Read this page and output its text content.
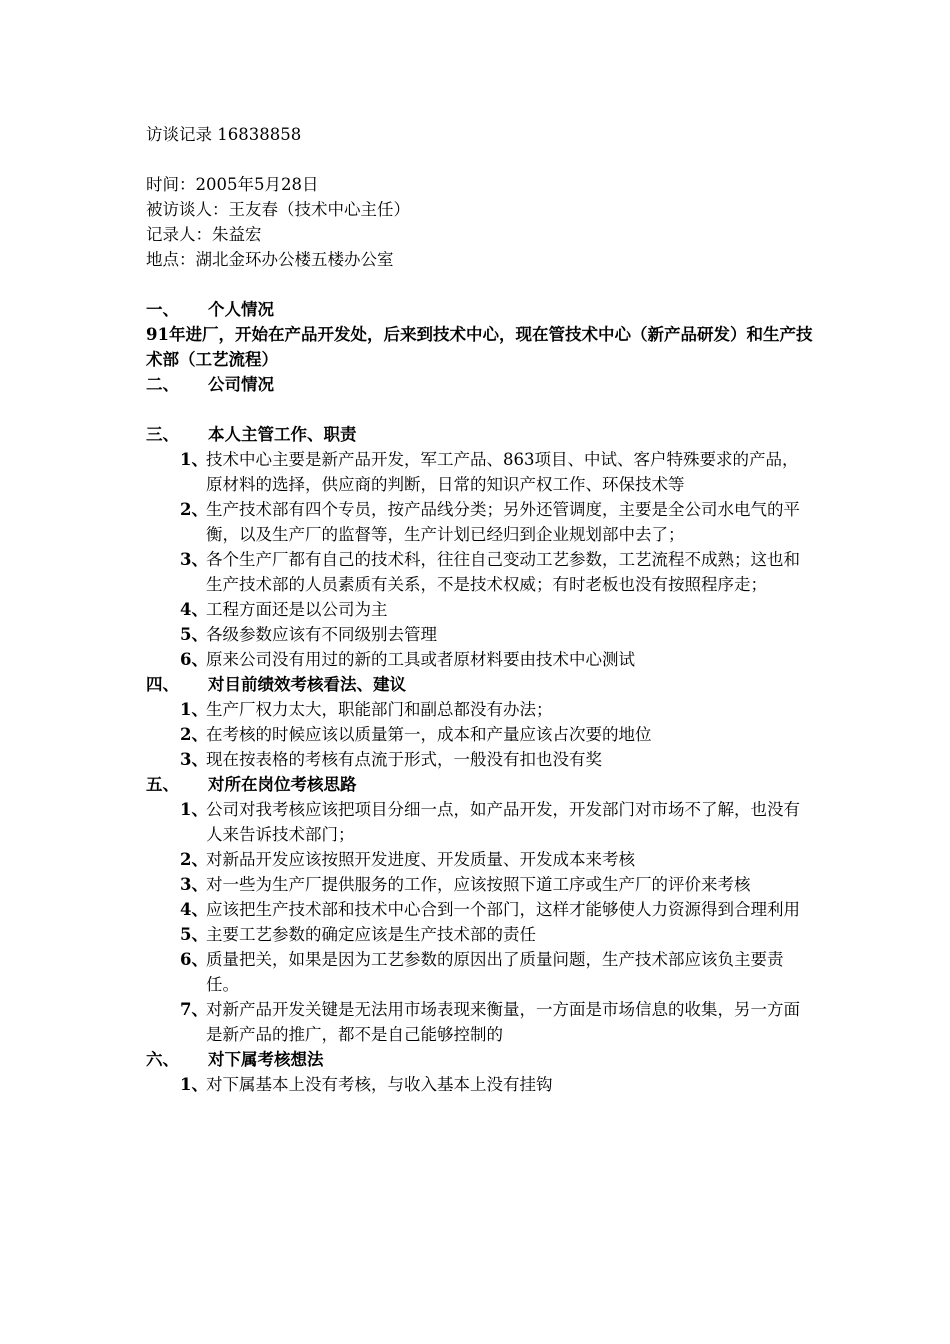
访谈记录 16838858
时间：2005年5月28日
被访谈人：王友春（技术中心主任）
记录人：朱益宏
地点：湖北金环办公楼五楼办公室
一、	个人情况
91年进厂，开始在产品开发处，后来到技术中心，现在管技术中心（新产品研发）和生产技术部（工艺流程）
二、	公司情况
三、	本人主管工作、职责
1、
技术中心主要是新产品开发，军工产品、863项目、中试、客户特殊要求的产品，原材料的选择，供应商的判断，日常的知识产权工作、环保技术等
2、
生产技术部有四个专员，按产品线分类；另外还管调度，主要是全公司水电气的平衡，以及生产厂的监督等，生产计划已经归到企业规划部中去了；
3、
各个生产厂都有自己的技术科，往往自己变动工艺参数，工艺流程不成熟；这也和生产技术部的人员素质有关系，不是技术权威；有时老板也没有按照程序走；
4、
工程方面还是以公司为主
5、
各级参数应该有不同级别去管理
6、
原来公司没有用过的新的工具或者原材料要由技术中心测试
四、	对目前绩效考核看法、建议
1、
生产厂权力太大，职能部门和副总都没有办法；
2、
在考核的时候应该以质量第一，成本和产量应该占次要的地位
3、
现在按表格的考核有点流于形式，一般没有扣也没有奖
五、	对所在岗位考核思路
1、
公司对我考核应该把项目分细一点，如产品开发，开发部门对市场不了解，也没有人来告诉技术部门；
2、
对新品开发应该按照开发进度、开发质量、开发成本来考核
3、
对一些为生产厂提供服务的工作，应该按照下道工序或生产厂的评价来考核
4、
应该把生产技术部和技术中心合到一个部门，这样才能够使人力资源得到合理利用
5、
主要工艺参数的确定应该是生产技术部的责任
6、
质量把关，如果是因为工艺参数的原因出了质量问题，生产技术部应该负主要责任。
7、
对新产品开发关键是无法用市场表现来衡量，一方面是市场信息的收集，另一方面是新产品的推广，都不是自己能够控制的
六、	对下属考核想法
1、
对下属基本上没有考核，与收入基本上没有挂钩
